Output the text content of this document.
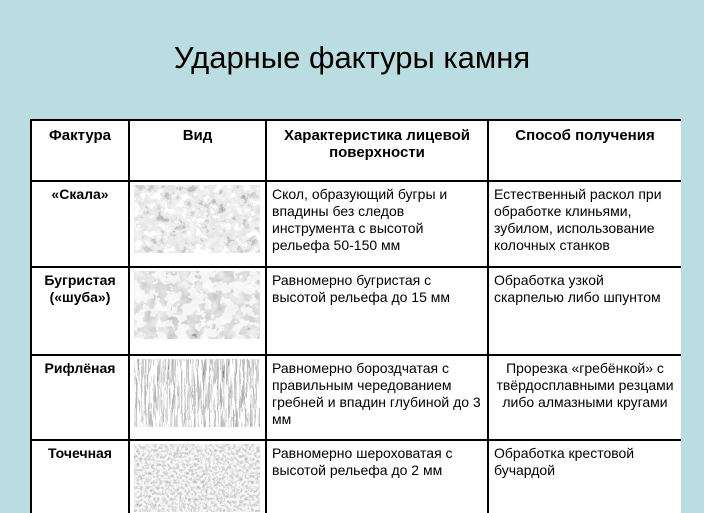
Ударные фактуры камня
Фактура	Вид	Характеристика лицевой поверхности	Способ получения
«Скала»		Скол, образующий бугры и впадины без следов инструмента с высотой рельефа 50-150 мм	Естественный раскол при обработке клиньями, зубилом, использование колочных станков
Бугристая («шуба»)		Равномерно бугристая с высотой рельефа до 15 мм	Обработка узкой скарпелью либо шпунтом
Рифлёная		Равномерно бороздчатая с правильным чередованием гребней и впадин глубиной до 3 мм	Прорезка «гребёнкой» с твёрдосплавными резцами либо алмазными кругами
Точечная		Равномерно шероховатая с высотой рельефа до 2 мм	Обработка крестовой бучардой
